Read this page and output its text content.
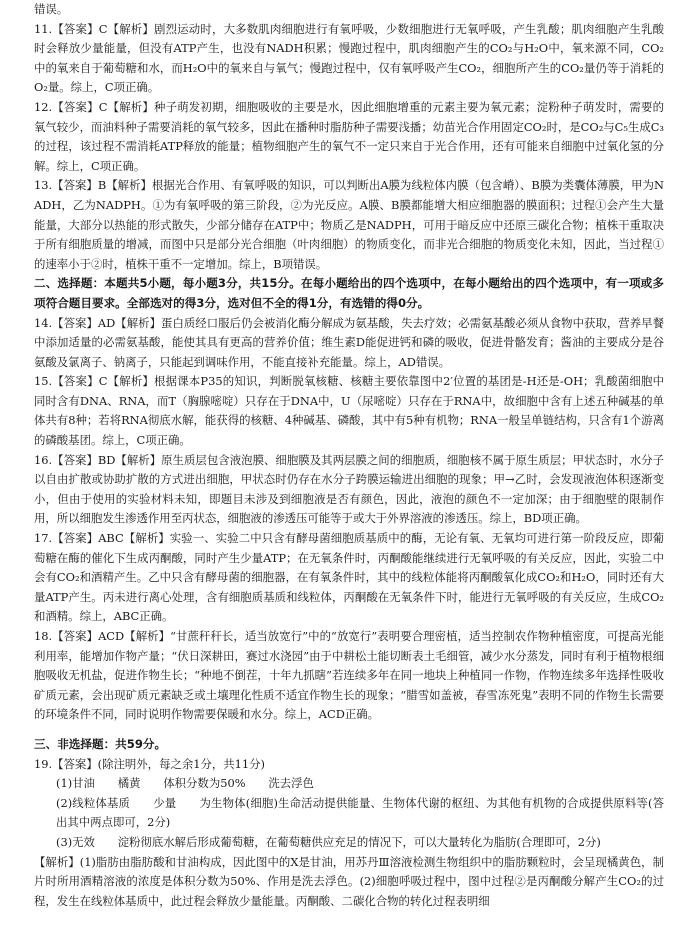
错误。

11.【答案】C【解析】剧烈运动时，大多数肌肉细胞进行有氧呼吸，少数细胞进行无氧呼吸，产生乳酸；肌肉细胞产生乳酸时会释放少量能量，但没有ATP产生，也没有NADH积累；慢跑过程中，肌肉细胞产生的CO₂与H₂O中，氧来源不同，CO₂中的氧来自于葡萄糖和水，而H₂O中的氧来自与氧气；慢跑过程中，仅有氧呼吸产生CO₂，细胞所产生的CO₂量仍等于消耗的O₂量。综上，C项正确。

12.【答案】C【解析】种子萌发初期，细胞吸收的主要是水，因此细胞增重的元素主要为氧元素；淀粉种子萌发时，需要的氧气较少，而油料种子需要消耗的氧气较多，因此在播种时脂肪种子需要浅播；幼苗光合作用固定CO₂时，是CO₂与C₅生成C₃的过程，该过程不需消耗ATP释放的能量；植物细胞产生的氧气不一定只来自于光合作用，还有可能来自细胞中过氧化氢的分解。综上，C项正确。

13.【答案】B【解析】根据光合作用、有氧呼吸的知识，可以判断出A膜为线粒体内膜（包含嵴）、B膜为类囊体薄膜，甲为NADH，乙为NADPH。①为有氧呼吸的第三阶段，②为光反应。A膜、B膜都能增大相应细胞器的膜面积；过程①会产生大量能量，大部分以热能的形式散失，少部分储存在ATP中；物质乙是NADPH，可用于暗反应中还原三碳化合物；植株干重取决于所有细胞质量的增减，而图中只是部分光合细胞（叶肉细胞）的物质变化，而非光合细胞的物质变化未知，因此，当过程①的速率小于②时，植株干重不一定增加。综上，B项错误。

二、选择题：本题共5小题，每小题3分，共15分。在每小题给出的四个选项中，在每小题给出的四个选项中，有一项或多项符合题目要求。全部选对的得3分，选对但不全的得1分，有选错的得0分。

14.【答案】AD【解析】蛋白质经口服后仍会被消化酶分解成为氨基酸，失去疗效；必需氨基酸必须从食物中获取，营养早餐中添加适量的必需氨基酸，能使其具有更高的营养价值；维生素D能促进钙和磷的吸收，促进骨骼发育；酱油的主要成分是谷氨酸及氯离子、钠离子，只能起到调味作用，不能直接补充能量。综上，AD错误。

15.【答案】C【解析】根据课本P35的知识，判断脱氧核糖、核糖主要依靠图中2′位置的基团是-H还是-OH；乳酸菌细胞中同时含有DNA、RNA，而T（胸腺嘧啶）只存在于DNA中，U（尿嘧啶）只存在于RNA中，故细胞中含有上述五种碱基的单体共有8种；若将RNA彻底水解，能获得的核糖、4种碱基、磷酸，其中有5种有机物；RNA一般呈单链结构，只含有1个游离的磷酸基团。综上，C项正确。

16.【答案】BD【解析】原生质层包含液泡膜、细胞膜及其两层膜之间的细胞质，细胞核不属于原生质层；甲状态时，水分子以自由扩散或协助扩散的方式进出细胞，甲状态时仍存在水分子跨膜运输进出细胞的现象；甲→乙时，会发现液泡体积逐渐变小，但由于使用的实验材料未知，即题目未涉及到细胞液是否有颜色，因此，液泡的颜色不一定加深；由于细胞壁的限制作用，所以细胞发生渗透作用至丙状态，细胞液的渗透压可能等于或大于外界溶液的渗透压。综上，BD项正确。

17.【答案】ABC【解析】实验一、实验二中只含有酵母菌细胞质基质中的酶，无论有氧、无氧均可进行第一阶段反应，即葡萄糖在酶的催化下生成丙酮酸，同时产生少量ATP；在无氧条件时，丙酮酸能继续进行无氧呼吸的有关反应，因此，实验二中会有CO₂和酒精产生。乙中只含有酵母菌的细胞器，在有氧条件时，其中的线粒体能将丙酮酸氧化成CO₂和H₂O，同时还有大量ATP产生。丙未进行离心处理，含有细胞质基质和线粒体，丙酮酸在无氧条件下时，能进行无氧呼吸的有关反应，生成CO₂和酒精。综上，ABC正确。

18.【答案】ACD【解析】“甘蔗秆秆长，适当放宽行”中的“放宽行”表明要合理密植，适当控制农作物种植密度，可提高光能利用率，能增加作物产量；“伏日深耕田，赛过水浇园”由于中耕松土能切断表土毛细管，减少水分蒸发，同时有利于植物根细胞吸收无机盐，促进作物生长；“种地不倒茬，十年九抓瞎”若连续多年在同一地块上种植同一作物，作物连续多年选择性吸收矿质元素，会出现矿质元素缺乏或土壤理化性质不适宜作物生长的现象；“腊雪如盖被，春雪冻死鬼”表明不同的作物生长需要的环境条件不同，同时说明作物需要保暖和水分。综上，ACD正确。

三、非选择题：共59分。

19.【答案】(除注明外，每之余1分，共11分)

(1)甘油　　橘黄　　体积分数为50%　　洗去浮色

(2)线粒体基质　　少量　　为生物体(细胞)生命活动提供能量、生物体代谢的枢纽、为其他有机物的合成提供原料等(答出其中两点即可，2分)

(3)无效　　淀粉彻底水解后形成葡萄糖，在葡萄糖供应充足的情况下，可以大量转化为脂肪(合理即可，2分)

【解析】(1)脂肪由脂肪酸和甘油构成，因此图中的X是甘油，用苏丹Ⅲ溶液检测生物组织中的脂肪颗粒时，会呈现橘黄色，制片时所用酒精溶液的浓度是体积分数为50%、作用是洗去浮色。(2)细胞呼吸过程中，图中过程②是丙酮酸分解产生CO₂的过程，发生在线粒体基质中，此过程会释放少量能量。丙酮酸、二碳化合物的转化过程表明细
